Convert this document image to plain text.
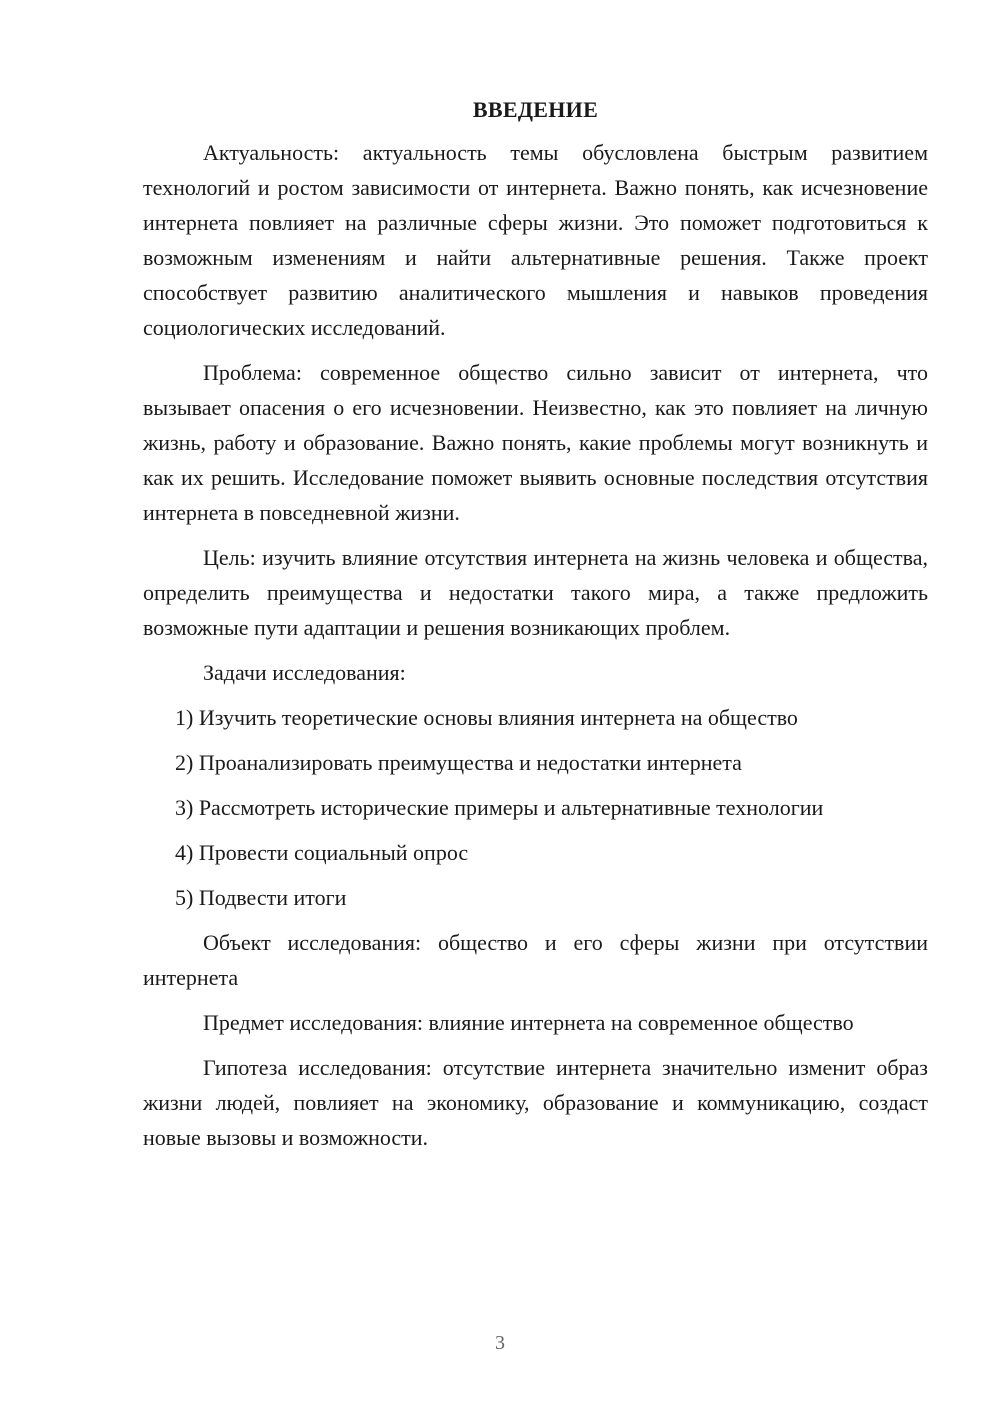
ВВЕДЕНИЕ

Актуальность: актуальность темы обусловлена быстрым развитием технологий и ростом зависимости от интернета. Важно понять, как исчезновение интернета повлияет на различные сферы жизни. Это поможет подготовиться к возможным изменениям и найти альтернативные решения. Также проект способствует развитию аналитического мышления и навыков проведения социологических исследований.

Проблема: современное общество сильно зависит от интернета, что вызывает опасения о его исчезновении. Неизвестно, как это повлияет на личную жизнь, работу и образование. Важно понять, какие проблемы могут возникнуть и как их решить. Исследование поможет выявить основные последствия отсутствия интернета в повседневной жизни.

Цель: изучить влияние отсутствия интернета на жизнь человека и общества, определить преимущества и недостатки такого мира, а также предложить возможные пути адаптации и решения возникающих проблем.

Задачи исследования:

1) Изучить теоретические основы влияния интернета на общество
2) Проанализировать преимущества и недостатки интернета
3) Рассмотреть исторические примеры и альтернативные технологии
4) Провести социальный опрос
5) Подвести итоги

Объект исследования: общество и его сферы жизни при отсутствии интернета

Предмет исследования: влияние интернета на современное общество

Гипотеза исследования: отсутствие интернета значительно изменит образ жизни людей, повлияет на экономику, образование и коммуникацию, создаст новые вызовы и возможности.

3
